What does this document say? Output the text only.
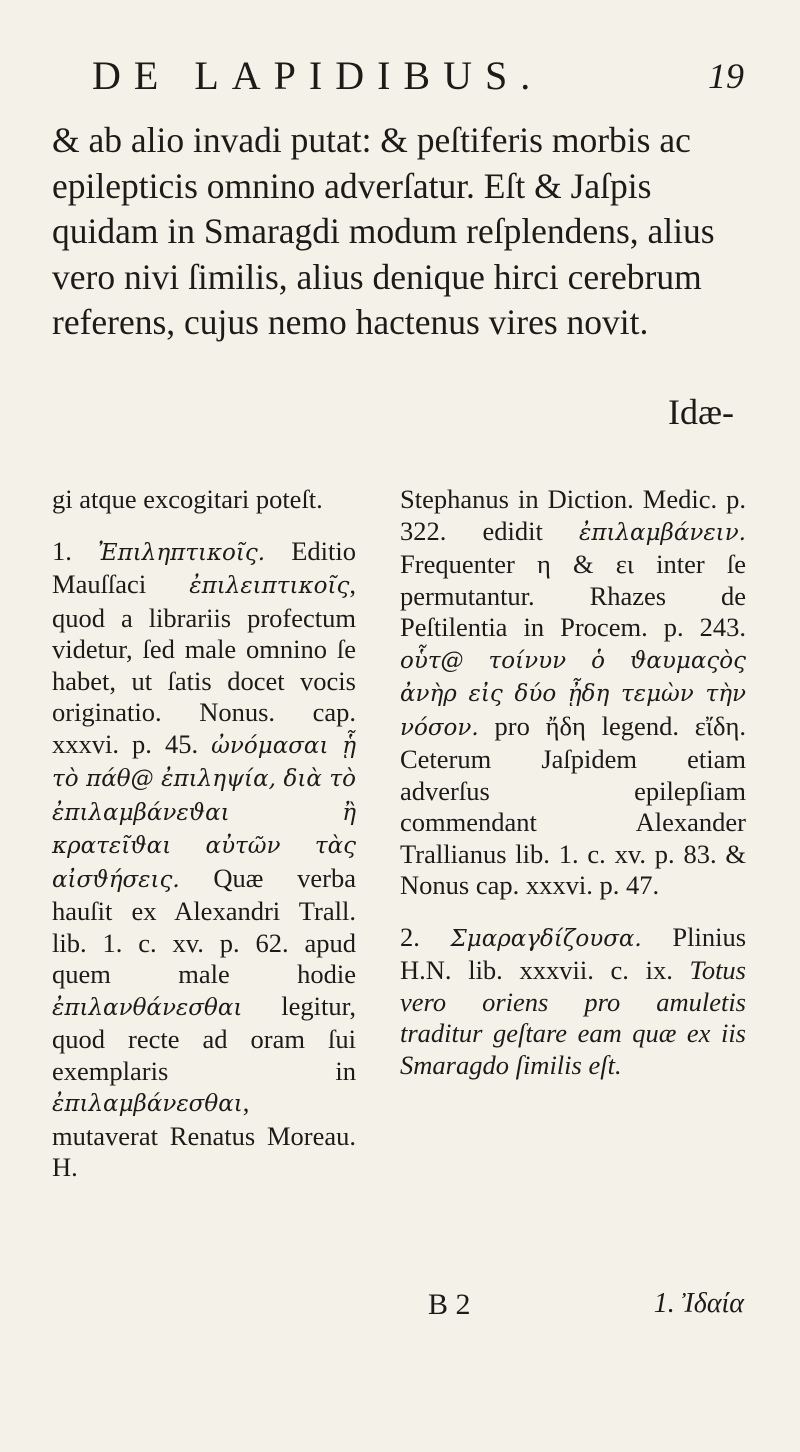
DE LAPIDIBUS.	19

& ab alio invadi putat: & peſtiferis morbis ac epilepticis omnino adverſatur. Eſt & Jaſpis quidam in Smaragdi modum reſplendens, alius vero nivi ſimilis, alius denique hirci cerebrum referens, cujus nemo hactenus vires novit.

Idæ-

gi atque excogitari poteſt.

1. Ἐπιληπτικοῖς. Editio Mauſſaci ἐπιλειπτικοῖς, quod a librariis profectum videtur, ſed male omnino ſe habet, ut ſatis docet vocis originatio. Nonus. cap. xxxvi. p. 45. ὠνόμασαι ᾗ τὸ πάθ@ ἐπιληψία, διὰ τὸ ἐπιλαμβάνεϑαι ἢ κρατεῖϑαι αὐτῶν τὰς αἰσϑήσεις. Quæ verba hauſit ex Alexandri Trall. lib. 1. c. xv. p. 62. apud quem male hodie ἐπιλανθάνεσθαι legitur, quod recte ad oram ſui exemplaris in ἐπιλαμβάνεσθαι, mutaverat Renatus Moreau. H.

Stephanus in Diction. Medic. p. 322. edidit ἐπιλαμβάνειν. Frequenter η & ει inter ſe permutantur. Rhazes de Peſtilentia in Procem. p. 243. οὗτ@ τοίνυν ὁ ϑαυμαςὸς ἀνὴρ εἰς δύο ᾖδη τεμὼν τὴν νόσον. pro ἤδη legend. εἴδη. Ceterum Jaſpidem etiam adverſus epilepſiam commendant Alexander Trallianus lib. 1. c. xv. p. 83. & Nonus cap. xxxvi. p. 47.

2. Σμαραγδίζουσα. Plinius H.N. lib. xxxvii. c. ix. Totus vero oriens pro amuletis traditur geſtare eam quæ ex iis Smaragdo ſimilis eſt.

B 2	1. Ἰδαία
